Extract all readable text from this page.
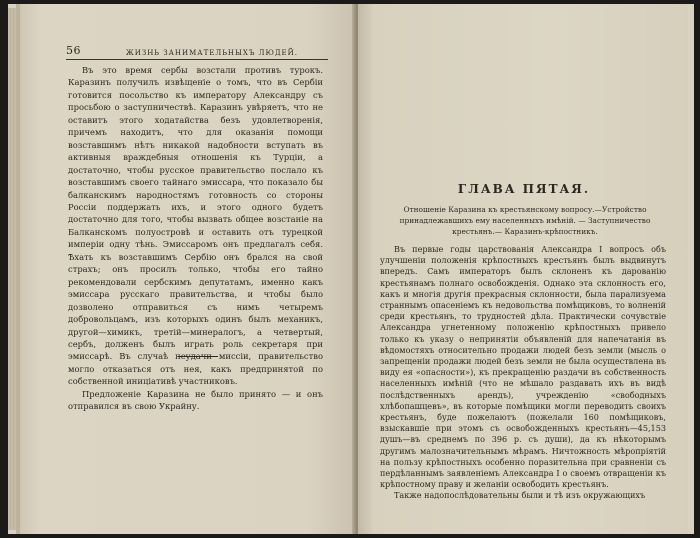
56	ЖИЗНЬ ЗАНИМАТЕЛЬНЫХЪ ЛЮДЕЙ.

Въ это время сербы возстали противъ турокъ. Каразинъ получилъ извѣщеніе о томъ, что въ Сербіи готовится посольство къ императору Александру съ просьбою о заступничествѣ. Каразинъ увѣряетъ, что не оставитъ этого ходатайства безъ удовлетворенія, причемъ находитъ, что для оказанія помощи возставшимъ нѣтъ никакой надобности вступать въ активныя враждебныя отношенія къ Турціи, а достаточно, чтобы русское правительство послало къ возставшимъ своего тайнаго эмиссара, что показало бы балканскимъ народностямъ готовность со стороны Россіи поддержать ихъ, и этого одного будетъ достаточно для того, чтобы вызвать общее возстаніе на Балканскомъ полуостровѣ и оставить отъ турецкой имперіи одну тѣнь. Эмиссаромъ онъ предлагалъ себя. Ѣхать къ возставшимъ Сербію онъ брался на свой страхъ; онъ просилъ только, чтобы его тайно рекомендовали сербскимъ депутатамъ, именно какъ эмиссара русскаго правительства, и чтобы было дозволено отправиться съ нимъ четыремъ добровольцамъ, изъ которыхъ одинъ былъ механикъ, другой—химикъ, третій—минералогъ, а четвертый, сербъ, долженъ былъ играть роль секретаря при эмиссарѣ. Въ случаѣ неудачи миссіи, правительство могло отказаться отъ нея, какъ предпринятой по собственной иниціативѣ участниковъ.

Предложеніе Каразина не было принято — и онъ отправился въ свою Украйну.

ГЛАВА ПЯТАЯ.
Отношеніе Каразина къ крестьянскому вопросу.—Устройство принадлежавшихъ ему населенныхъ имѣній. — Заступничество крестьянъ.— Каразинъ-крѣпостникъ.

Въ первые годы царствованія Александра I вопросъ объ улучшеніи положенія крѣпостныхъ крестьянъ былъ выдвинутъ впередъ. Самъ императоръ былъ склоненъ къ дарованію крестьянамъ полнаго освобожденія. Однако эта склонность его, какъ и многія другія прекрасныя склонности, была парализуема страннымъ опасеніемъ къ недовольства помѣщиковъ, то волненій среди крестьянъ, то трудностей дѣла. Практически сочувствіе Александра угнетенному положенію крѣпостныхъ привело только къ указу о непринятіи объявленій для напечатанія въ вѣдомостяхъ относительно продажи людей безъ земли (мысль о запрещеніи продажи людей безъ земли не была осуществлена въ виду ея «опасности»), къ прекращенію раздачи въ собственность населенныхъ имѣній (что не мѣшало раздавать ихъ въ видѣ послѣдственныхъ арендъ), учрежденію «свободныхъ хлѣбопашцевъ», въ которые помѣщики могли переводить своихъ крестьянъ, буде пожелаютъ (пожелали 160 помѣщиковъ, взыскавшіе при этомъ съ освобожденныхъ крестьянъ—45,153 душъ—въ среднемъ по 396 р. съ души), да къ нѣкоторымъ другимъ малозначительнымъ мѣрамъ. Ничтожность мѣропріятій на пользу крѣпостныхъ особенно поразительна при сравненіи съ пердѣланнымъ заявленіемъ Александра I о своемъ отвращеніи къ крѣпостному праву и желаніи освободить крестьянъ.

Также надопослѣдовательны были и тѣ изъ окружающихъ
